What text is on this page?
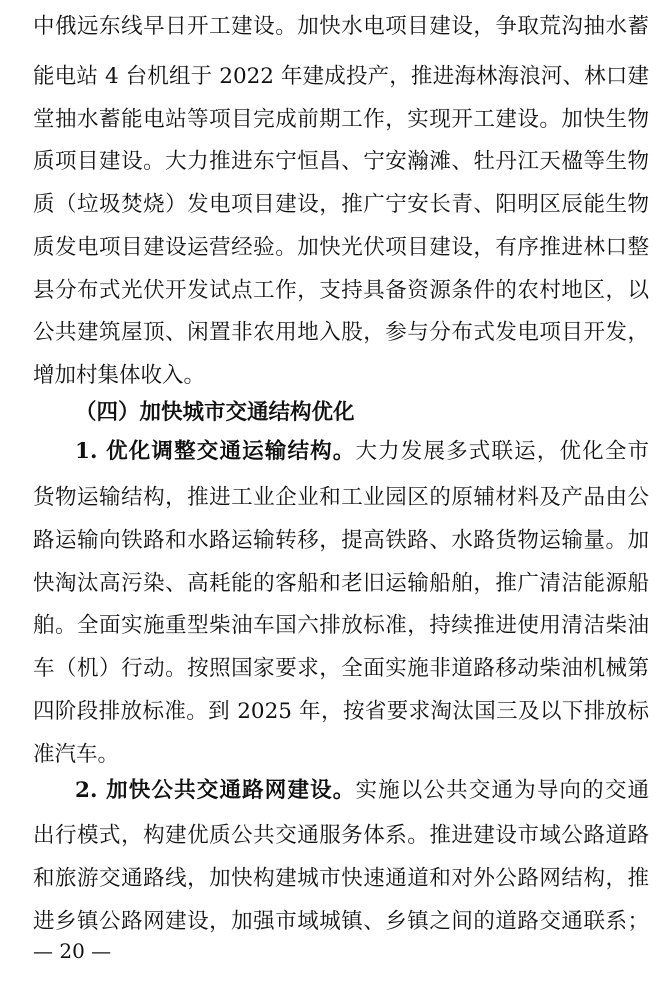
中俄远东线早日开工建设。加快水电项目建设，争取荒沟抽水蓄
能电站 4 台机组于 2022 年建成投产，推进海林海浪河、林口建
堂抽水蓄能电站等项目完成前期工作，实现开工建设。加快生物
质项目建设。大力推进东宁恒昌、宁安瀚滩、牡丹江天楹等生物
质（垃圾焚烧）发电项目建设，推广宁安长青、阳明区辰能生物
质发电项目建设运营经验。加快光伏项目建设，有序推进林口整
县分布式光伏开发试点工作，支持具备资源条件的农村地区，以
公共建筑屋顶、闲置非农用地入股，参与分布式发电项目开发，
增加村集体收入。
（四）加快城市交通结构优化
1. 优化调整交通运输结构。大力发展多式联运，优化全市
货物运输结构，推进工业企业和工业园区的原辅材料及产品由公
路运输向铁路和水路运输转移，提高铁路、水路货物运输量。加
快淘汰高污染、高耗能的客船和老旧运输船舶，推广清洁能源船
舶。全面实施重型柴油车国六排放标准，持续推进使用清洁柴油
车（机）行动。按照国家要求，全面实施非道路移动柴油机械第
四阶段排放标准。到 2025 年，按省要求淘汰国三及以下排放标
准汽车。
2. 加快公共交通路网建设。实施以公共交通为导向的交通
出行模式，构建优质公共交通服务体系。推进建设市域公路道路
和旅游交通路线，加快构建城市快速通道和对外公路网结构，推
进乡镇公路网建设，加强市域城镇、乡镇之间的道路交通联系；
— 20 —
